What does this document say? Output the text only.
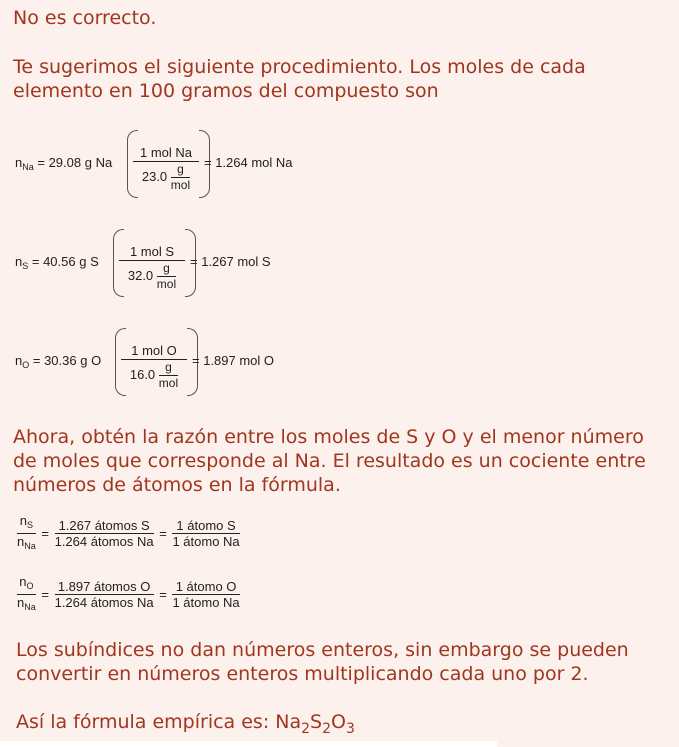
No es correcto.

Te sugerimos el siguiente procedimiento. Los moles de cada elemento en 100 gramos del compuesto son

$n_{Na} = 29.08$ g Na
1 mol Na
$23.0 \frac{g}{\text{mol}} = 1.264$ mol Na
$n_S = 40.56$ g S
1 mol S
$32.0 \frac{g}{\text{mol}} = 1.267$ mol S
$n_O = 30.36$ g O
1 mol O
$16.0 \frac{g}{\text{mol}} = 1.897$ mol O

Ahora, obtén la razón entre los moles de S y O y el menor número de moles que corresponde al Na. El resultado es un cociente entre números de átomos en la fórmula.

$\frac{n_S}{n_{Na}} = \frac{\text{1.267 átomos S}}{\text{1.264 átomos Na}} = \frac{\text{1 átomo S}}{\text{1 átomo Na}}$
$\frac{n_O}{n_{Na}} = \frac{\text{1.897 átomos O}}{\text{1.264 átomos Na}} = \frac{\text{1 átomo O}}{\text{1 átomo Na}}$

Los subíndices no dan números enteros, sin embargo se pueden convertir en números enteros multiplicando cada uno por 2.

Así la fórmula empírica es: $Na_2S_2O_3$
